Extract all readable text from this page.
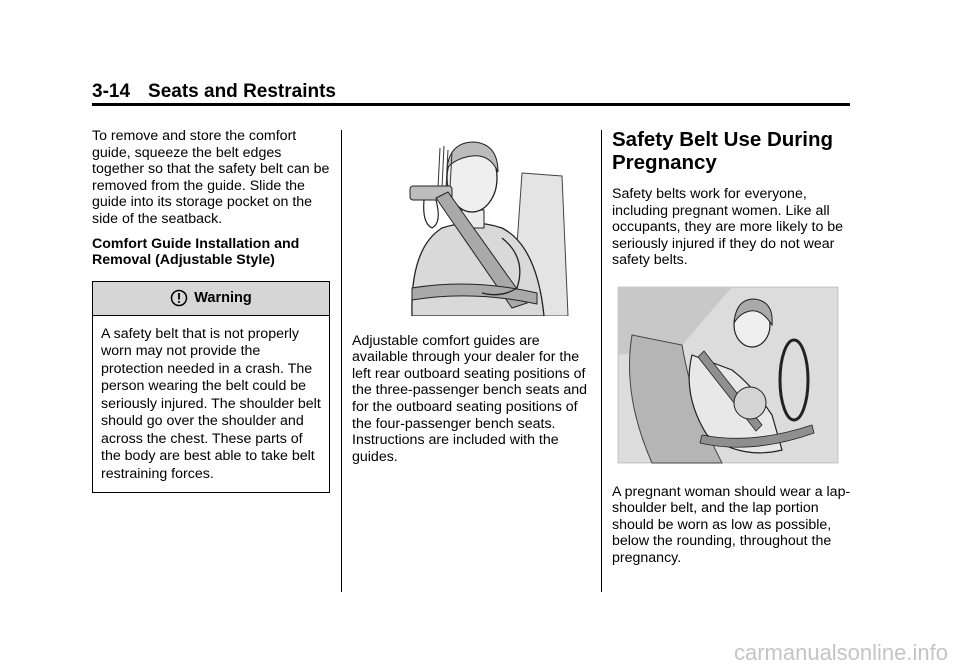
3-14 Seats and Restraints

To remove and store the comfort guide, squeeze the belt edges together so that the safety belt can be removed from the guide. Slide the guide into its storage pocket on the side of the seatback.

Comfort Guide Installation and Removal (Adjustable Style)

Warning
A safety belt that is not properly worn may not provide the protection needed in a crash. The person wearing the belt could be seriously injured. The shoulder belt should go over the shoulder and across the chest. These parts of the body are best able to take belt restraining forces.

Adjustable comfort guides are available through your dealer for the left rear outboard seating positions of the three-passenger bench seats and for the outboard seating positions of the four-passenger bench seats. Instructions are included with the guides.

Safety Belt Use During Pregnancy

Safety belts work for everyone, including pregnant women. Like all occupants, they are more likely to be seriously injured if they do not wear safety belts.

A pregnant woman should wear a lap-shoulder belt, and the lap portion should be worn as low as possible, below the rounding, throughout the pregnancy.

carmanualsonline.info
